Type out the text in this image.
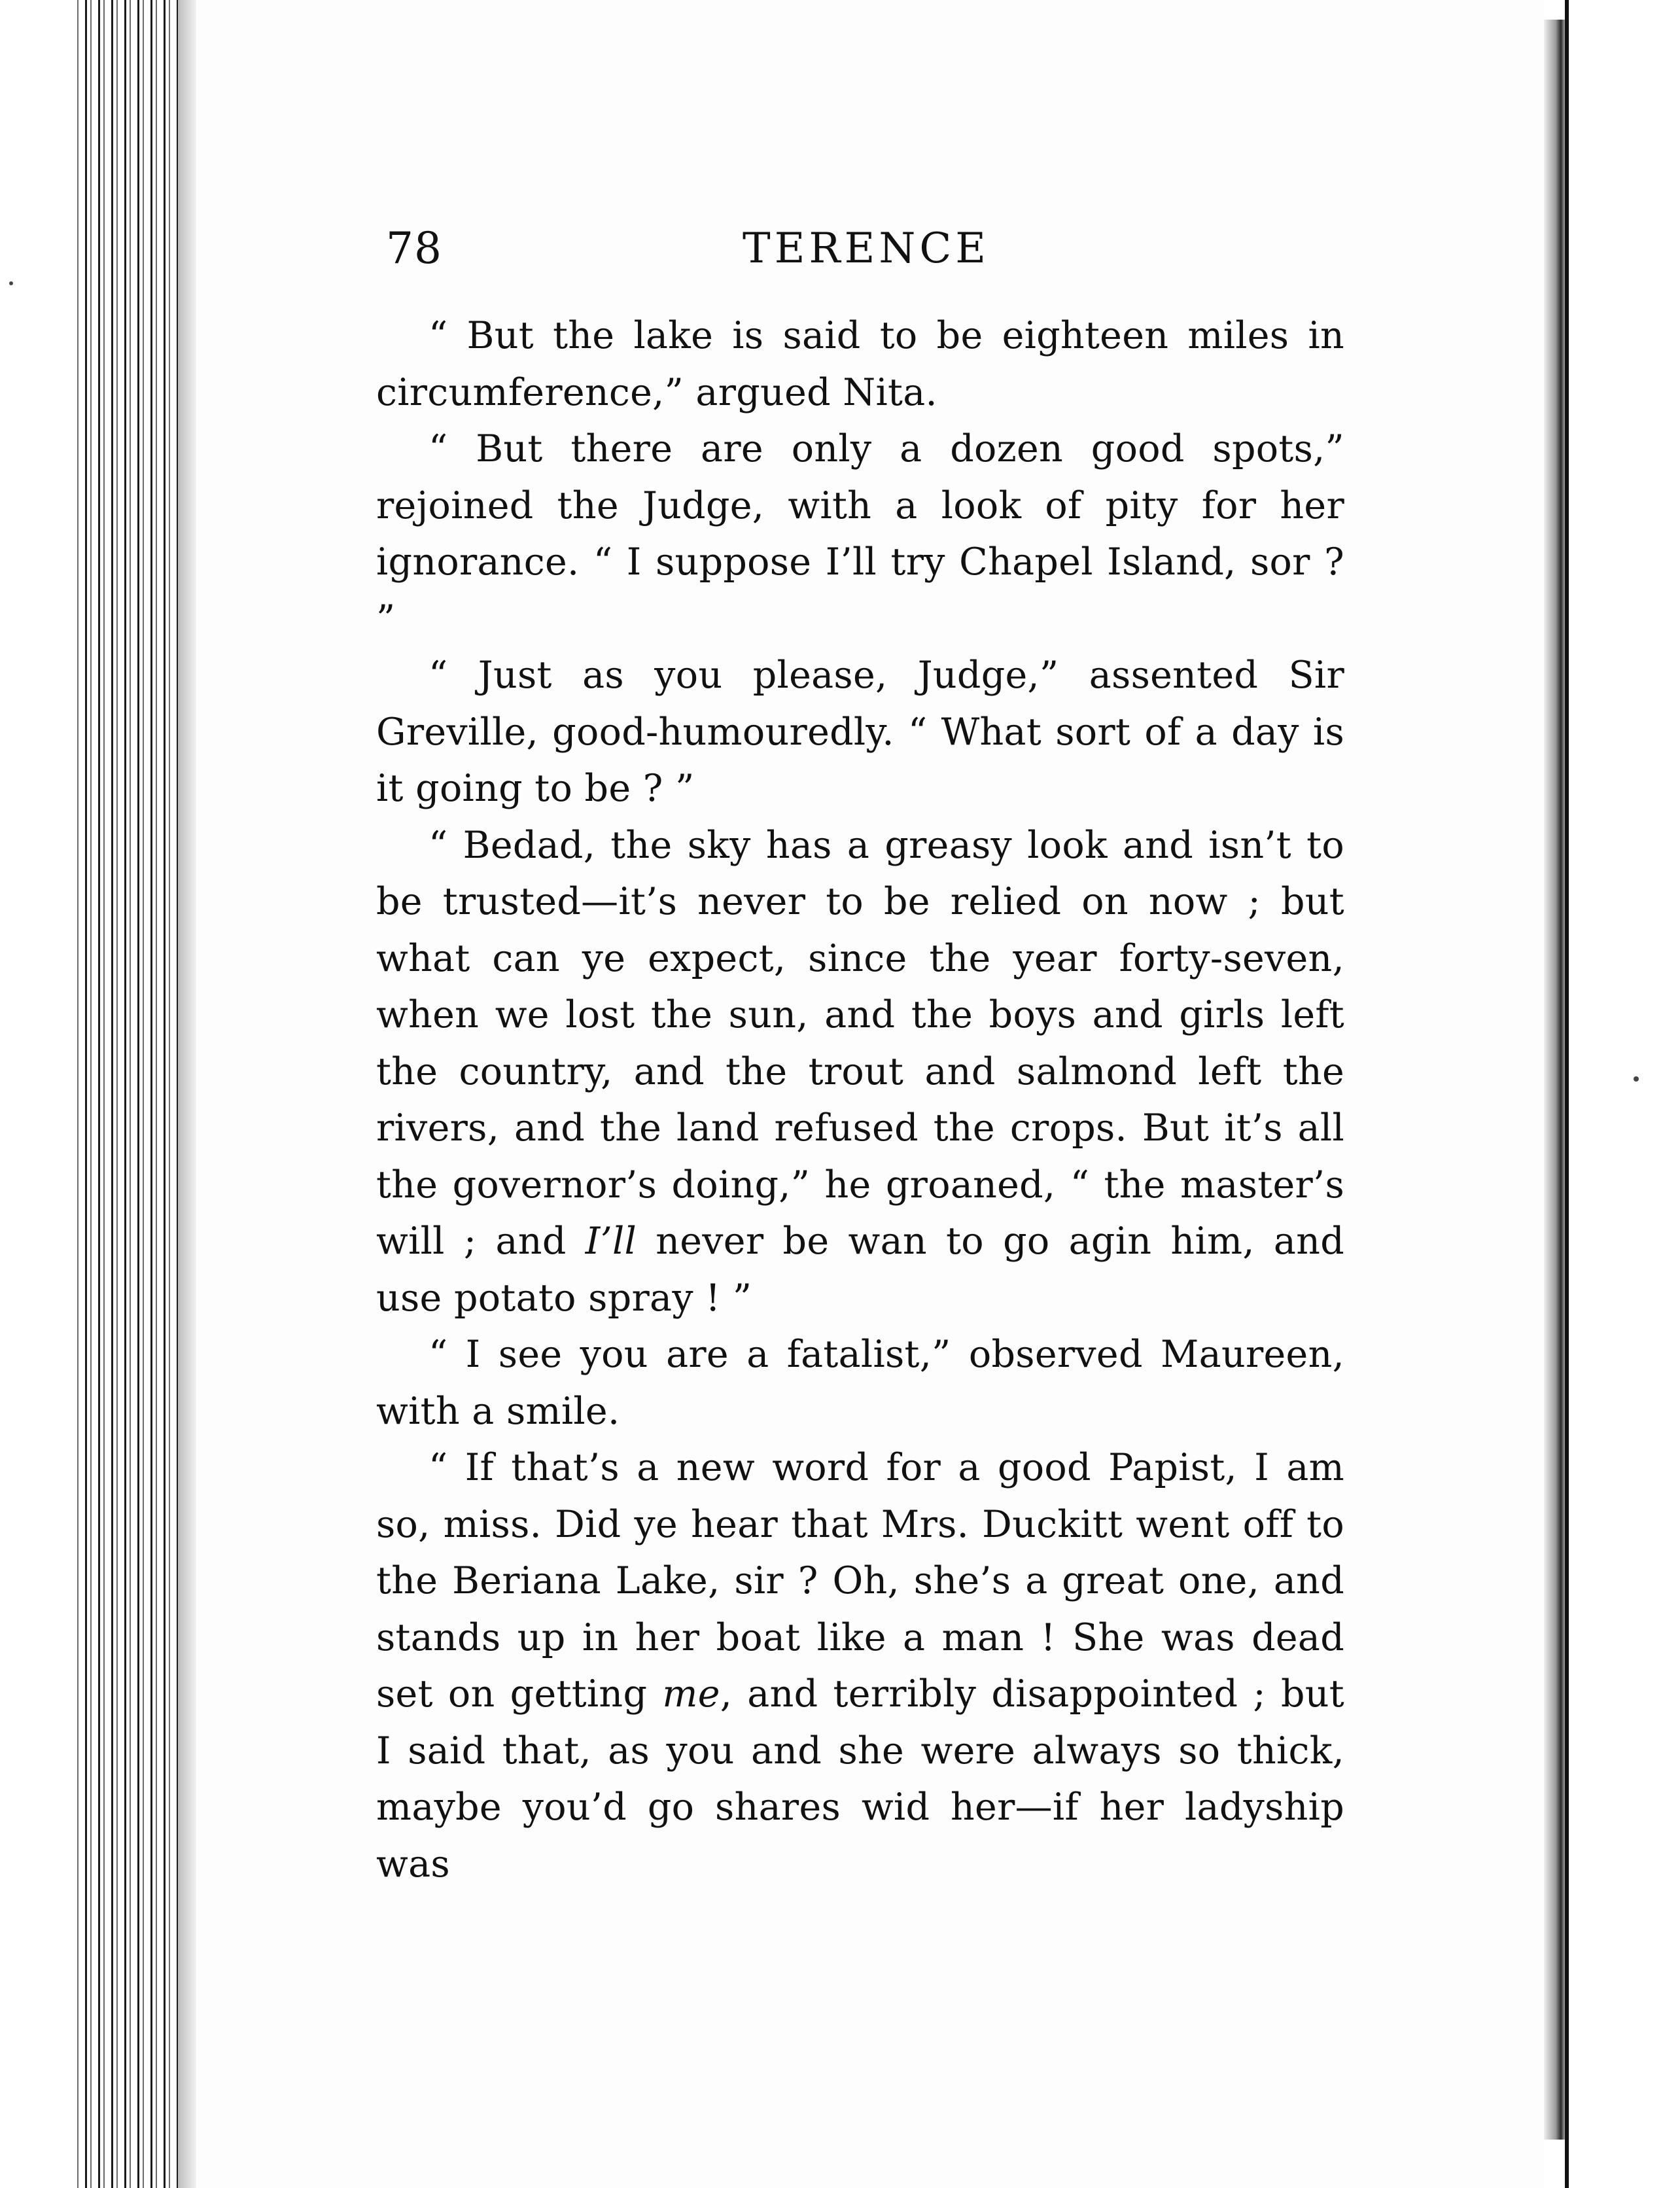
78	TERENCE

“ But the lake is said to be eighteen miles in circumference,” argued Nita.

“ But there are only a dozen good spots,” rejoined the Judge, with a look of pity for her ignorance. “ I suppose I’ll try Chapel Island, sor ? ”

“ Just as you please, Judge,” assented Sir Greville, good-humouredly. “ What sort of a day is it going to be ? ”

“ Bedad, the sky has a greasy look and isn’t to be trusted—it’s never to be relied on now ; but what can ye expect, since the year forty-seven, when we lost the sun, and the boys and girls left the country, and the trout and salmond left the rivers, and the land refused the crops. But it’s all the governor’s doing,” he groaned, “ the master’s will ; and I’ll never be wan to go agin him, and use potato spray ! ”

“ I see you are a fatalist,” observed Maureen, with a smile.

“ If that’s a new word for a good Papist, I am so, miss. Did ye hear that Mrs. Duckitt went off to the Beriana Lake, sir ? Oh, she’s a great one, and stands up in her boat like a man ! She was dead set on getting me, and terribly disappointed ; but I said that, as you and she were always so thick, maybe you’d go shares wid her—if her ladyship was
